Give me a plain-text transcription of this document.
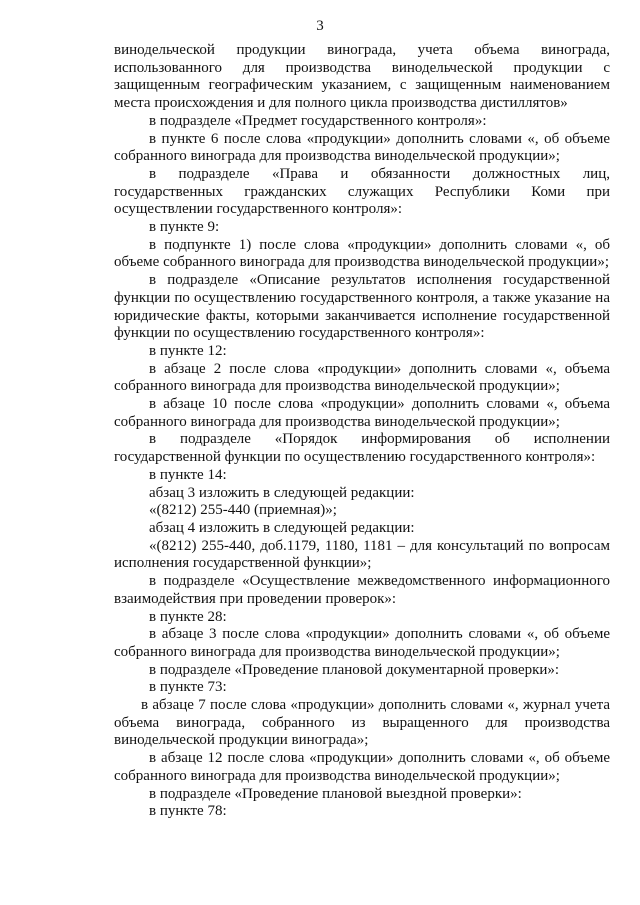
3

винодельческой продукции винограда, учета объема винограда, использованного для производства винодельческой продукции с защищенным географическим указанием, с защищенным наименованием места происхождения и для полного цикла производства дистиллятов»

в подразделе «Предмет государственного контроля»:

в пункте 6 после слова «продукции» дополнить словами «, об объеме собранного винограда для производства винодельческой продукции»;

в подразделе «Права и обязанности должностных лиц, государственных гражданских служащих Республики Коми при осуществлении государственного контроля»:

в пункте 9:

в подпункте 1) после слова «продукции» дополнить словами «, об объеме собранного винограда для производства винодельческой продукции»;

в подразделе «Описание результатов исполнения государственной функции по осуществлению государственного контроля, а также указание на юридические факты, которыми заканчивается исполнение государственной функции по осуществлению государственного контроля»:

в пункте 12:

в абзаце 2 после слова «продукции» дополнить словами «, объема собранного винограда для производства винодельческой продукции»;

в абзаце 10 после слова «продукции» дополнить словами «, объема собранного винограда для производства винодельческой продукции»;

в подразделе «Порядок информирования об исполнении государственной функции по осуществлению государственного контроля»:

в пункте 14:

абзац 3 изложить в следующей редакции:

«(8212) 255-440 (приемная)»;

абзац 4 изложить в следующей редакции:

«(8212) 255-440, доб.1179, 1180, 1181 – для консультаций по вопросам исполнения государственной функции»;

в подразделе «Осуществление межведомственного информационного взаимодействия при проведении проверок»:

в пункте 28:

в абзаце 3 после слова «продукции» дополнить словами «, об объеме собранного винограда для производства винодельческой продукции»;

в подразделе «Проведение плановой документарной проверки»:

в пункте 73:

в абзаце 7 после слова «продукции» дополнить словами «, журнал учета объема винограда, собранного из выращенного для производства винодельческой продукции винограда»;

в абзаце 12 после слова «продукции» дополнить словами «, об объеме собранного винограда для производства винодельческой продукции»;

в подразделе «Проведение плановой выездной проверки»:

в пункте 78:
